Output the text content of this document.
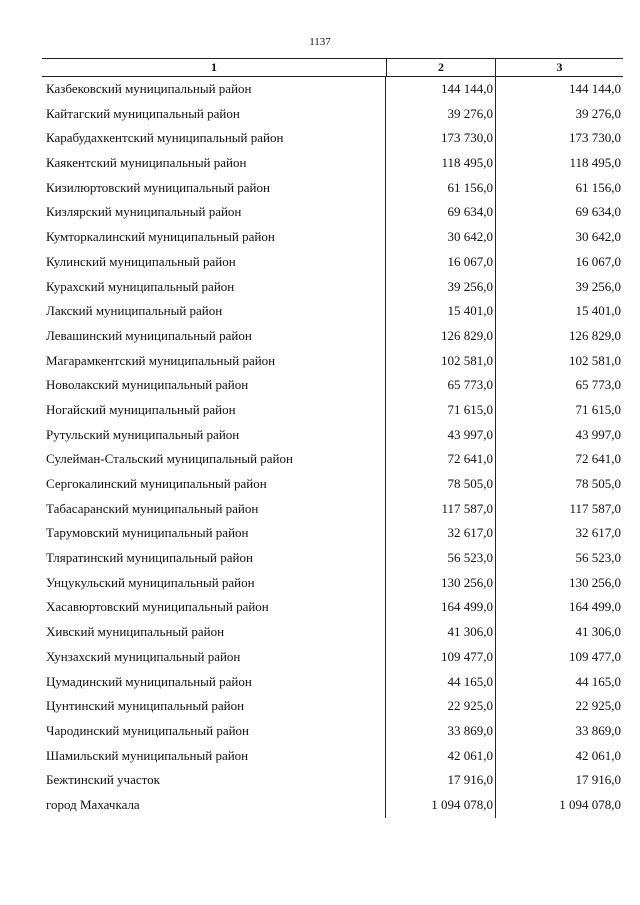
1137
1	2	3
Казбековский муниципальный район	144 144,0	144 144,0
Кайтагский муниципальный район	39 276,0	39 276,0
Карабудахкентский муниципальный район	173 730,0	173 730,0
Каякентский муниципальный район	118 495,0	118 495,0
Кизилюртовский муниципальный район	61 156,0	61 156,0
Кизлярский муниципальный район	69 634,0	69 634,0
Кумторкалинский муниципальный район	30 642,0	30 642,0
Кулинский муниципальный район	16 067,0	16 067,0
Курахский муниципальный район	39 256,0	39 256,0
Лакский муниципальный район	15 401,0	15 401,0
Левашинский муниципальный район	126 829,0	126 829,0
Магарамкентский муниципальный район	102 581,0	102 581,0
Новолакский муниципальный район	65 773,0	65 773,0
Ногайский муниципальный район	71 615,0	71 615,0
Рутульский муниципальный район	43 997,0	43 997,0
Сулейман-Стальский муниципальный район	72 641,0	72 641,0
Сергокалинский муниципальный район	78 505,0	78 505,0
Табасаранский муниципальный район	117 587,0	117 587,0
Тарумовский муниципальный район	32 617,0	32 617,0
Тляратинский муниципальный район	56 523,0	56 523,0
Унцукульский муниципальный район	130 256,0	130 256,0
Хасавюртовский муниципальный район	164 499,0	164 499,0
Хивский муниципальный район	41 306,0	41 306,0
Хунзахский муниципальный район	109 477,0	109 477,0
Цумадинский муниципальный район	44 165,0	44 165,0
Цунтинский муниципальный район	22 925,0	22 925,0
Чародинский муниципальный район	33 869,0	33 869,0
Шамильский муниципальный район	42 061,0	42 061,0
Бежтинский участок	17 916,0	17 916,0
город Махачкала	1 094 078,0	1 094 078,0
